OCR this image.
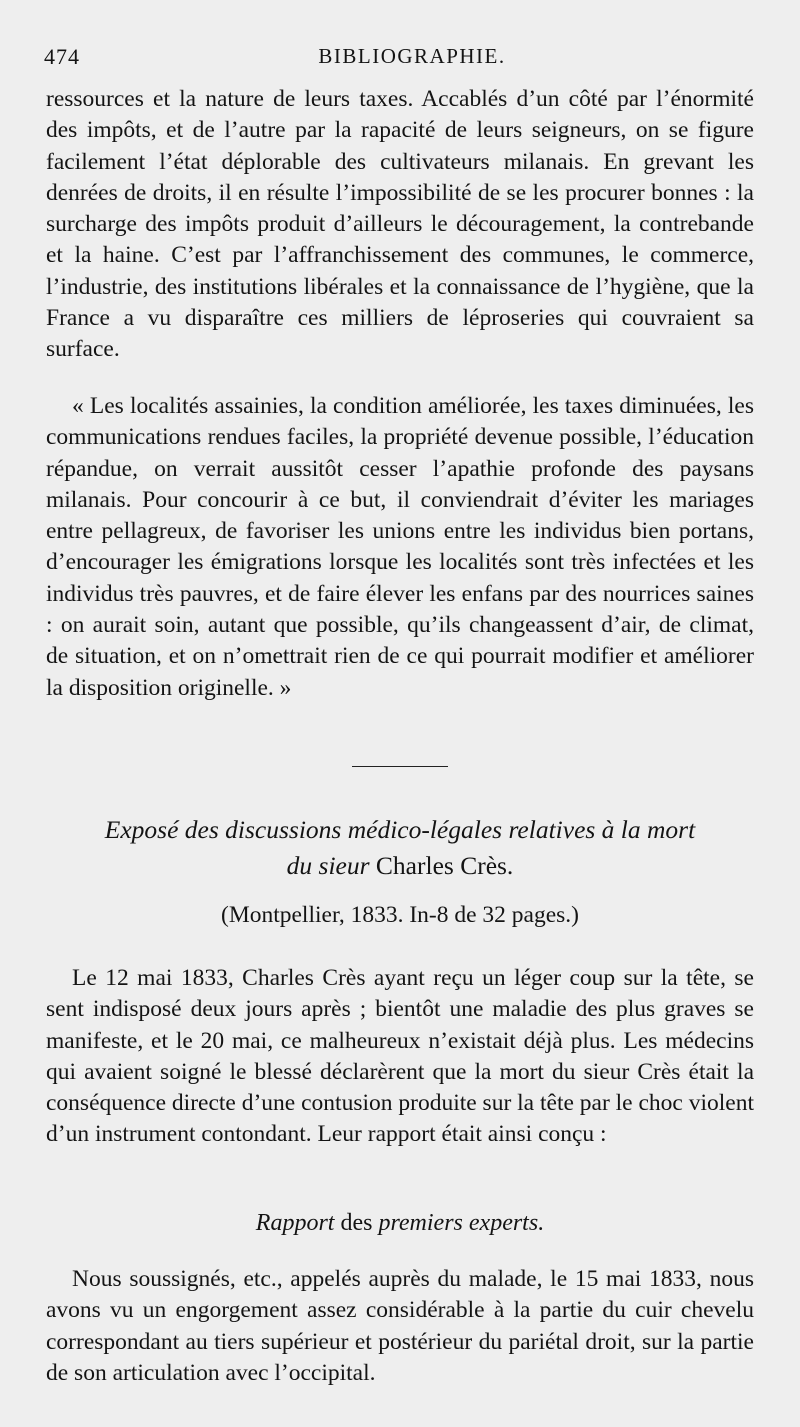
474	BIBLIOGRAPHIE.

ressources et la nature de leurs taxes. Accablés d’un côté par l’énormité des impôts, et de l’autre par la rapacité de leurs seigneurs, on se figure facilement l’état déplorable des cultivateurs milanais. En grevant les denrées de droits, il en résulte l’impossibilité de se les procurer bonnes : la surcharge des impôts produit d’ailleurs le découragement, la contrebande et la haine. C’est par l’affranchissement des communes, le commerce, l’industrie, des institutions libérales et la connaissance de l’hygiène, que la France a vu disparaître ces milliers de léproseries qui couvraient sa surface.

« Les localités assainies, la condition améliorée, les taxes diminuées, les communications rendues faciles, la propriété devenue possible, l’éducation répandue, on verrait aussitôt cesser l’apathie profonde des paysans milanais. Pour concourir à ce but, il conviendrait d’éviter les mariages entre pellagreux, de favoriser les unions entre les individus bien portans, d’encourager les émigrations lorsque les localités sont très infectées et les individus très pauvres, et de faire élever les enfans par des nourrices saines : on aurait soin, autant que possible, qu’ils changeassent d’air, de climat, de situation, et on n’omettrait rien de ce qui pourrait modifier et améliorer la disposition originelle. »

Exposé des discussions médico-légales relatives à la mort
du sieur Charles Crès.
(Montpellier, 1833. In-8 de 32 pages.)

Le 12 mai 1833, Charles Crès ayant reçu un léger coup sur la tête, se sent indisposé deux jours après ; bientôt une maladie des plus graves se manifeste, et le 20 mai, ce malheureux n’existait déjà plus. Les médecins qui avaient soigné le blessé déclarèrent que la mort du sieur Crès était la conséquence directe d’une contusion produite sur la tête par le choc violent d’un instrument contondant. Leur rapport était ainsi conçu :

Rapport des premiers experts.

Nous soussignés, etc., appelés auprès du malade, le 15 mai 1833, nous avons vu un engorgement assez considérable à la partie du cuir chevelu correspondant au tiers supérieur et postérieur du pariétal droit, sur la partie de son articulation avec l’occipital.
